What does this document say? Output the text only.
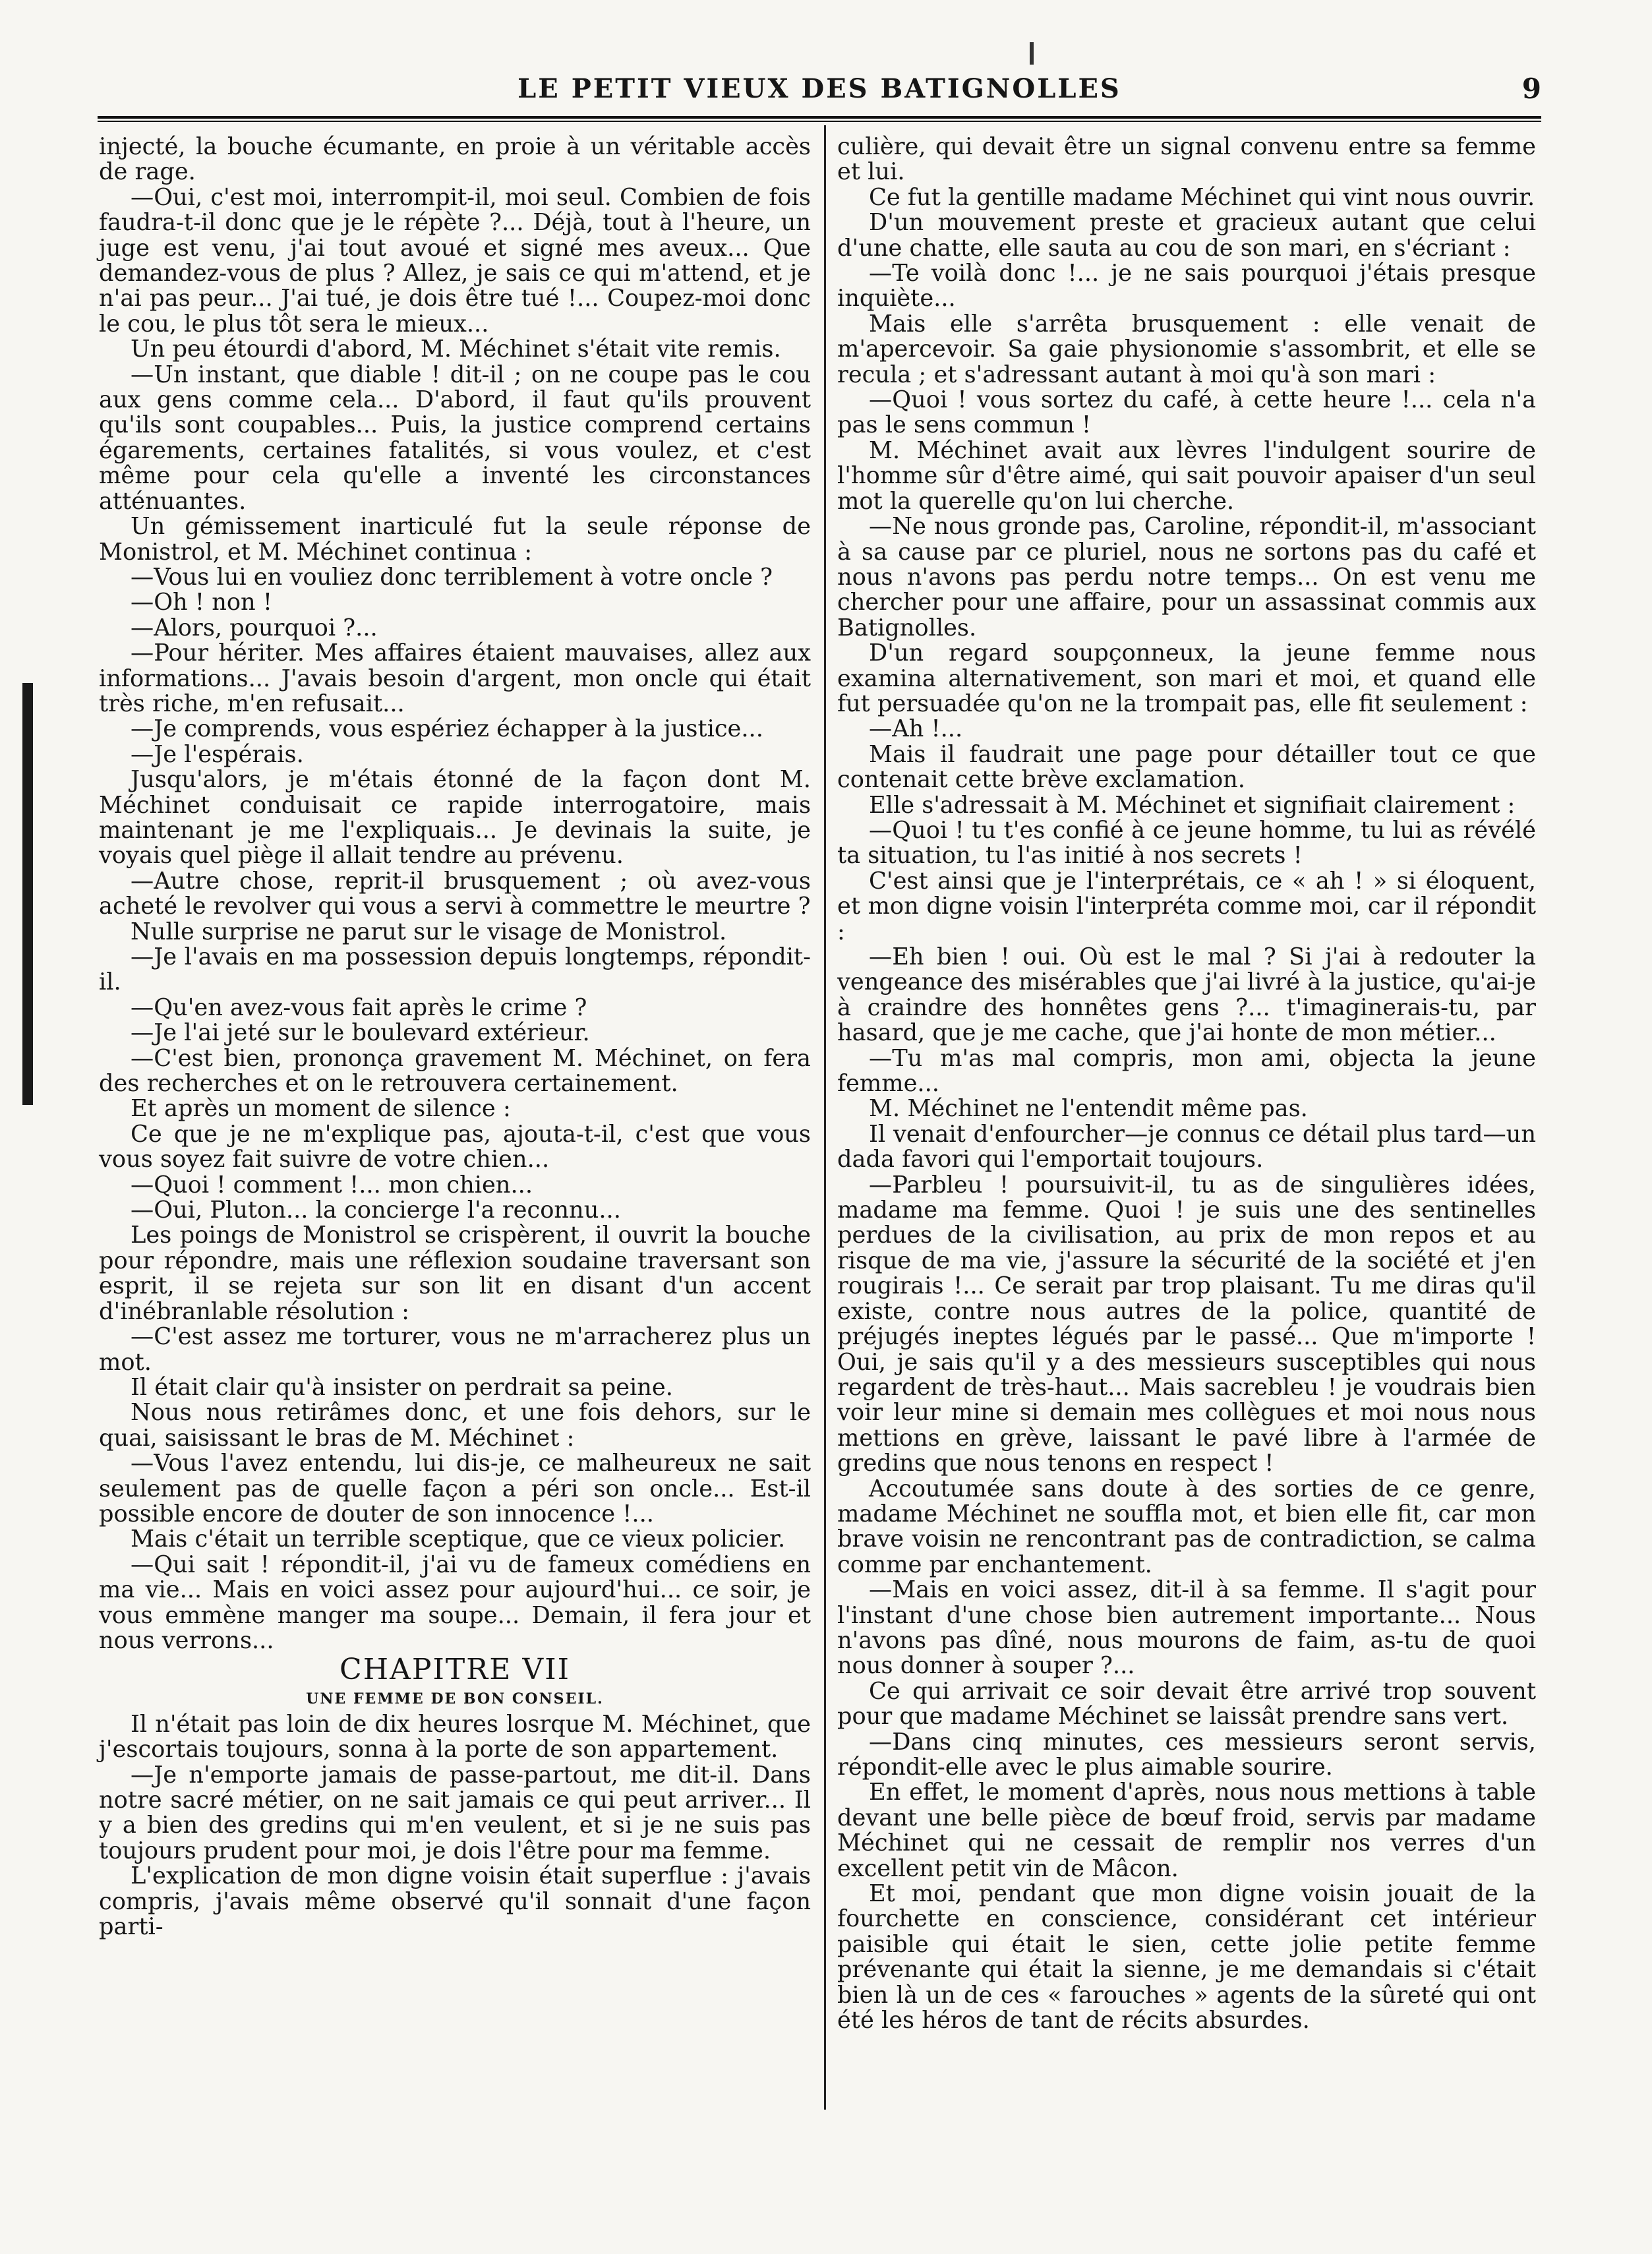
LE PETIT VIEUX DES BATIGNOLLES	9

injecté, la bouche écumante, en proie à un véritable accès de rage.

—Oui, c'est moi, interrompit-il, moi seul. Combien de fois faudra-t-il donc que je le répète ?... Déjà, tout à l'heure, un juge est venu, j'ai tout avoué et signé mes aveux... Que demandez-vous de plus ? Allez, je sais ce qui m'attend, et je n'ai pas peur... J'ai tué, je dois être tué !... Coupez-moi donc le cou, le plus tôt sera le mieux...

Un peu étourdi d'abord, M. Méchinet s'était vite remis.

—Un instant, que diable ! dit-il ; on ne coupe pas le cou aux gens comme cela... D'abord, il faut qu'ils prouvent qu'ils sont coupables... Puis, la justice comprend certains égarements, certaines fatalités, si vous voulez, et c'est même pour cela qu'elle a inventé les circonstances atténuantes.

Un gémissement inarticulé fut la seule réponse de Monistrol, et M. Méchinet continua :

—Vous lui en vouliez donc terriblement à votre oncle ?

—Oh ! non !

—Alors, pourquoi ?...

—Pour hériter. Mes affaires étaient mauvaises, allez aux informations... J'avais besoin d'argent, mon oncle qui était très riche, m'en refusait...

—Je comprends, vous espériez échapper à la justice...

—Je l'espérais.

Jusqu'alors, je m'étais étonné de la façon dont M. Méchinet conduisait ce rapide interrogatoire, mais maintenant je me l'expliquais... Je devinais la suite, je voyais quel piège il allait tendre au prévenu.

—Autre chose, reprit-il brusquement ; où avez-vous acheté le revolver qui vous a servi à commettre le meurtre ?

Nulle surprise ne parut sur le visage de Monistrol.

—Je l'avais en ma possession depuis longtemps, répondit-il.

—Qu'en avez-vous fait après le crime ?

—Je l'ai jeté sur le boulevard extérieur.

—C'est bien, prononça gravement M. Méchinet, on fera des recherches et on le retrouvera certainement.

Et après un moment de silence :

Ce que je ne m'explique pas, ajouta-t-il, c'est que vous vous soyez fait suivre de votre chien...

—Quoi ! comment !... mon chien...

—Oui, Pluton... la concierge l'a reconnu...

Les poings de Monistrol se crispèrent, il ouvrit la bouche pour répondre, mais une réflexion soudaine traversant son esprit, il se rejeta sur son lit en disant d'un accent d'inébranlable résolution :

—C'est assez me torturer, vous ne m'arracherez plus un mot.

Il était clair qu'à insister on perdrait sa peine.

Nous nous retirâmes donc, et une fois dehors, sur le quai, saisissant le bras de M. Méchinet :

—Vous l'avez entendu, lui dis-je, ce malheureux ne sait seulement pas de quelle façon a péri son oncle... Est-il possible encore de douter de son innocence !...

Mais c'était un terrible sceptique, que ce vieux policier.

—Qui sait ! répondit-il, j'ai vu de fameux comédiens en ma vie... Mais en voici assez pour aujourd'hui... ce soir, je vous emmène manger ma soupe... Demain, il fera jour et nous verrons...

CHAPITRE VII

UNE FEMME DE BON CONSEIL.

Il n'était pas loin de dix heures losrque M. Méchinet, que j'escortais toujours, sonna à la porte de son appartement.

—Je n'emporte jamais de passe-partout, me dit-il. Dans notre sacré métier, on ne sait jamais ce qui peut arriver... Il y a bien des gredins qui m'en veulent, et si je ne suis pas toujours prudent pour moi, je dois l'être pour ma femme.

L'explication de mon digne voisin était superflue : j'avais compris, j'avais même observé qu'il sonnait d'une façon parti-

culière, qui devait être un signal convenu entre sa femme et lui.

Ce fut la gentille madame Méchinet qui vint nous ouvrir.

D'un mouvement preste et gracieux autant que celui d'une chatte, elle sauta au cou de son mari, en s'écriant :

—Te voilà donc !... je ne sais pourquoi j'étais presque inquiète...

Mais elle s'arrêta brusquement : elle venait de m'apercevoir. Sa gaie physionomie s'assombrit, et elle se recula ; et s'adressant autant à moi qu'à son mari :

—Quoi ! vous sortez du café, à cette heure !... cela n'a pas le sens commun !

M. Méchinet avait aux lèvres l'indulgent sourire de l'homme sûr d'être aimé, qui sait pouvoir apaiser d'un seul mot la querelle qu'on lui cherche.

—Ne nous gronde pas, Caroline, répondit-il, m'associant à sa cause par ce pluriel, nous ne sortons pas du café et nous n'avons pas perdu notre temps... On est venu me chercher pour une affaire, pour un assassinat commis aux Batignolles.

D'un regard soupçonneux, la jeune femme nous examina alternativement, son mari et moi, et quand elle fut persuadée qu'on ne la trompait pas, elle fit seulement :

—Ah !...

Mais il faudrait une page pour détailler tout ce que contenait cette brève exclamation.

Elle s'adressait à M. Méchinet et signifiait clairement :

—Quoi ! tu t'es confié à ce jeune homme, tu lui as révélé ta situation, tu l'as initié à nos secrets !

C'est ainsi que je l'interprétais, ce « ah ! » si éloquent, et mon digne voisin l'interpréta comme moi, car il répondit :

—Eh bien ! oui. Où est le mal ? Si j'ai à redouter la vengeance des misérables que j'ai livré à la justice, qu'ai-je à craindre des honnêtes gens ?... t'imaginerais-tu, par hasard, que je me cache, que j'ai honte de mon métier...

—Tu m'as mal compris, mon ami, objecta la jeune femme...

M. Méchinet ne l'entendit même pas.

Il venait d'enfourcher—je connus ce détail plus tard—un dada favori qui l'emportait toujours.

—Parbleu ! poursuivit-il, tu as de singulières idées, madame ma femme. Quoi ! je suis une des sentinelles perdues de la civilisation, au prix de mon repos et au risque de ma vie, j'assure la sécurité de la société et j'en rougirais !... Ce serait par trop plaisant. Tu me diras qu'il existe, contre nous autres de la police, quantité de préjugés ineptes légués par le passé... Que m'importe ! Oui, je sais qu'il y a des messieurs susceptibles qui nous regardent de très-haut... Mais sacrebleu ! je voudrais bien voir leur mine si demain mes collègues et moi nous nous mettions en grève, laissant le pavé libre à l'armée de gredins que nous tenons en respect !

Accoutumée sans doute à des sorties de ce genre, madame Méchinet ne souffla mot, et bien elle fit, car mon brave voisin ne rencontrant pas de contradiction, se calma comme par enchantement.

—Mais en voici assez, dit-il à sa femme. Il s'agit pour l'instant d'une chose bien autrement importante... Nous n'avons pas dîné, nous mourons de faim, as-tu de quoi nous donner à souper ?...

Ce qui arrivait ce soir devait être arrivé trop souvent pour que madame Méchinet se laissât prendre sans vert.

—Dans cinq minutes, ces messieurs seront servis, répondit-elle avec le plus aimable sourire.

En effet, le moment d'après, nous nous mettions à table devant une belle pièce de bœuf froid, servis par madame Méchinet qui ne cessait de remplir nos verres d'un excellent petit vin de Mâcon.

Et moi, pendant que mon digne voisin jouait de la fourchette en conscience, considérant cet intérieur paisible qui était le sien, cette jolie petite femme prévenante qui était la sienne, je me demandais si c'était bien là un de ces « farouches » agents de la sûreté qui ont été les héros de tant de récits absurdes.
